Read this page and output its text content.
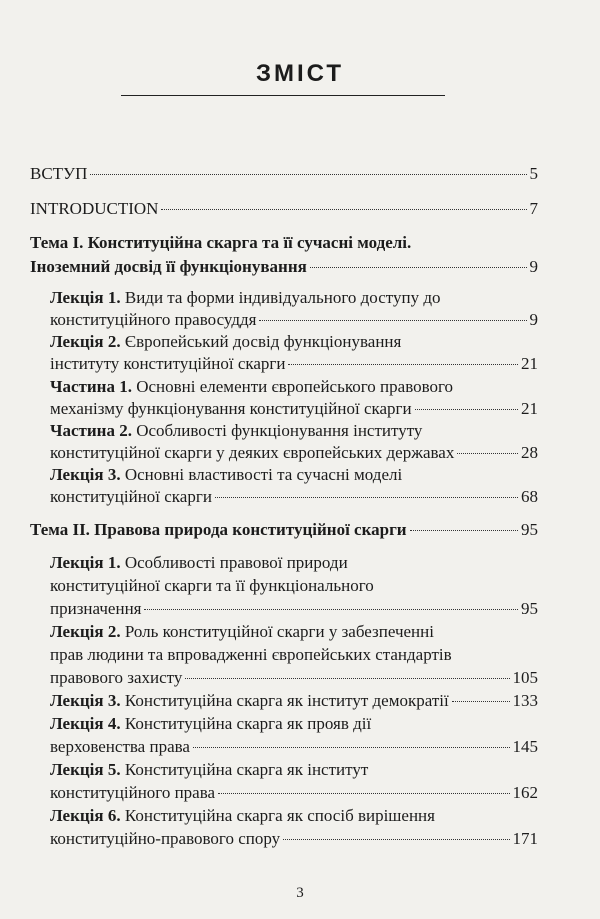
ЗМІСТ
ВСТУП	5
INTRODUCTION	7
Тема I. Конституційна скарга та її сучасні моделі.
Іноземний досвід її функціонування	9
Лекція 1. Види та форми індивідуального доступу до
конституційного правосуддя	9
Лекція 2. Європейський досвід функціонування
інституту конституційної скарги	21
Частина 1. Основні елементи європейського правового
механізму функціонування конституційної скарги	21
Частина 2. Особливості функціонування інституту
конституційної скарги у деяких європейських державах	28
Лекція 3. Основні властивості та сучасні моделі
конституційної скарги	68
Тема II. Правова природа конституційної скарги	95
Лекція 1. Особливості правової природи
конституційної скарги та її функціонального
призначення	95
Лекція 2. Роль конституційної скарги у забезпеченні
прав людини та впровадженні європейських стандартів
правового захисту	105
Лекція 3. Конституційна скарга як інститут демократії	133
Лекція 4. Конституційна скарга як прояв дії
верховенства права	145
Лекція 5. Конституційна скарга як інститут
конституційного права	162
Лекція 6. Конституційна скарга як спосіб вирішення
конституційно-правового спору	171
3
